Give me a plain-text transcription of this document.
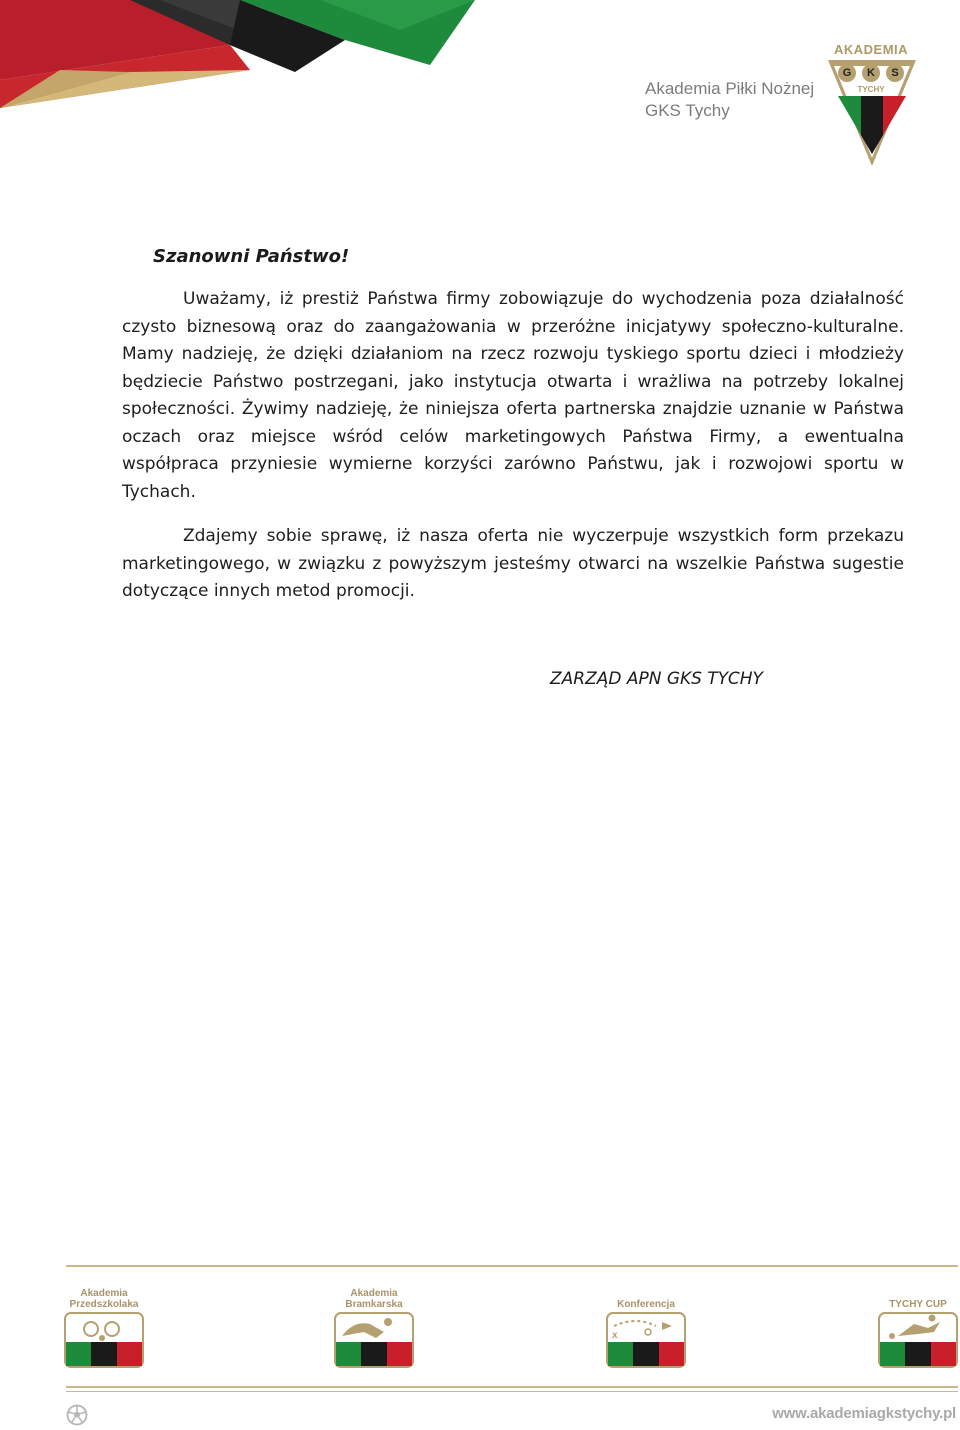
Akademia Piłki Nożnej
GKS Tychy
AKADEMIA
G	K	S
TYCHY
Szanowni Państwo!

Uważamy, iż prestiż Państwa firmy zobowiązuje do wychodzenia poza działalność czysto biznesową oraz do zaangażowania w przeróżne inicjatywy społeczno-kulturalne. Mamy nadzieję, że dzięki działaniom na rzecz rozwoju tyskiego sportu dzieci i młodzieży będziecie Państwo postrzegani, jako instytucja otwarta i wrażliwa na potrzeby lokalnej społeczności. Żywimy nadzieję, że niniejsza oferta partnerska znajdzie uznanie w Państwa oczach oraz miejsce wśród celów marketingowych Państwa Firmy, a ewentualna współpraca przyniesie wymierne korzyści zarówno Państwu, jak i rozwojowi sportu w Tychach.

Zdajemy sobie sprawę, iż nasza oferta nie wyczerpuje wszystkich form przekazu marketingowego, w związku z powyższym jesteśmy otwarci na wszelkie Państwa sugestie dotyczące innych metod promocji.

ZARZĄD APN GKS TYCHY
Akademia
Przedszkolaka
Akademia
Bramkarska	Konferencja
x
TYCHY CUP
www.akademiagkstychy.pl
